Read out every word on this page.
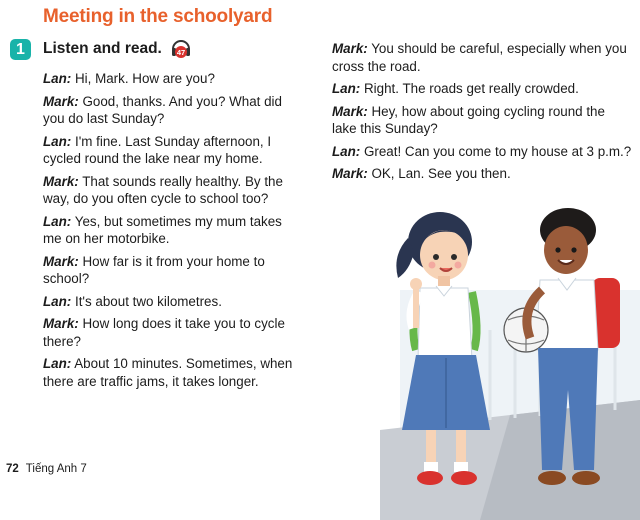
Meeting in the schoolyard
1	Listen and read. 47

Lan: Hi, Mark. How are you?

Mark: Good, thanks. And you? What did you do last Sunday?

Lan: I'm fine. Last Sunday afternoon, I cycled round the lake near my home.

Mark: That sounds really healthy. By the way, do you often cycle to school too?

Lan: Yes, but sometimes my mum takes me on her motorbike.

Mark: How far is it from your home to school?

Lan: It's about two kilometres.

Mark: How long does it take you to cycle there?

Lan: About 10 minutes. Sometimes, when there are traffic jams, it takes longer.

Mark: You should be careful, especially when you cross the road.

Lan: Right. The roads get really crowded.

Mark: Hey, how about going cycling round the lake this Sunday?

Lan: Great! Can you come to my house at 3 p.m.?

Mark: OK, Lan. See you then.

72 Tiếng Anh 7
